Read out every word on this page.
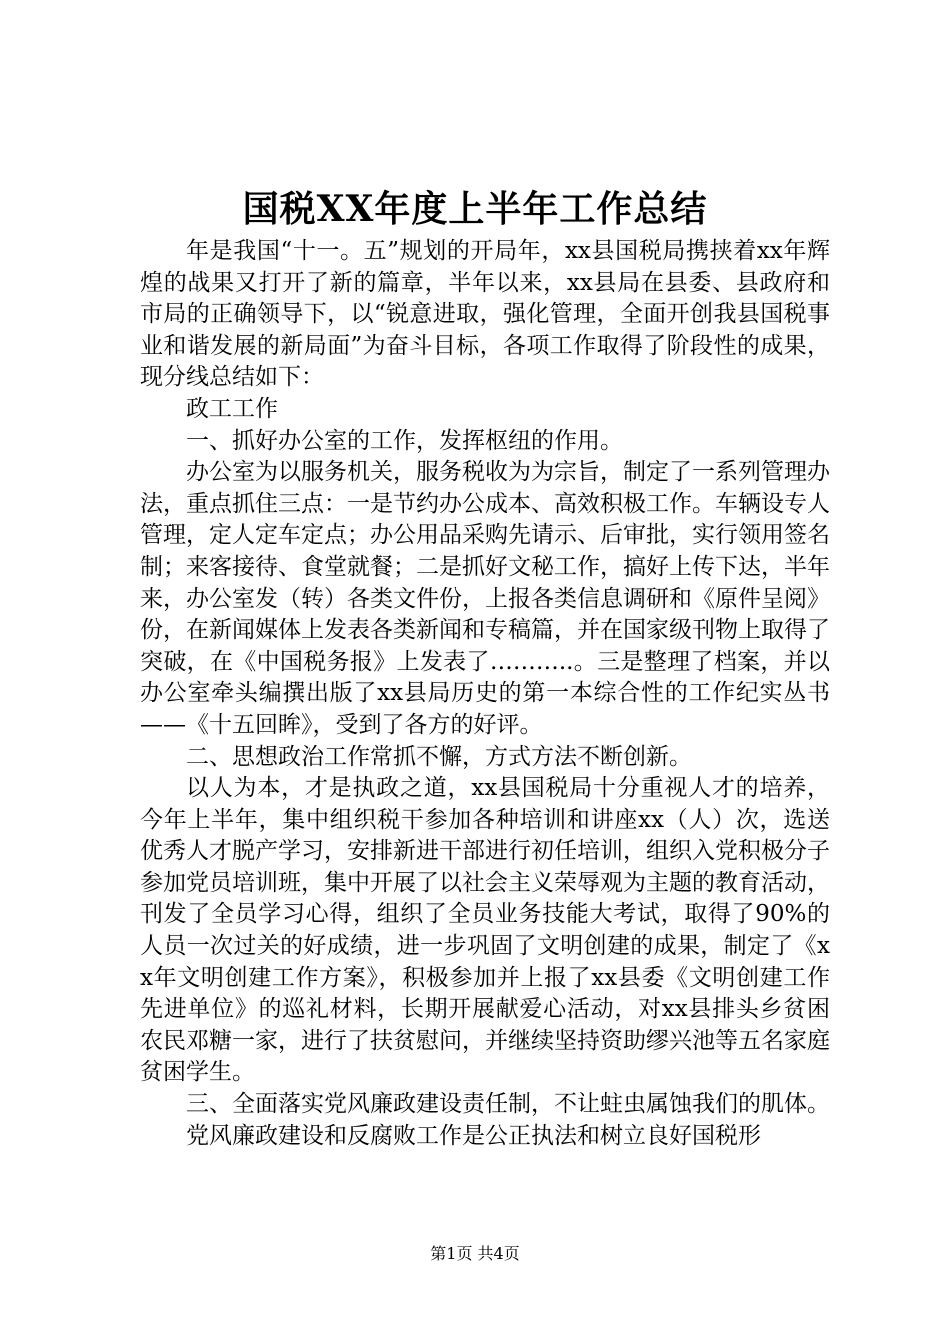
国税XX年度上半年工作总结

年是我国“十一。五”规划的开局年，xx县国税局携挟着xx年辉煌的战果又打开了新的篇章，半年以来，xx县局在县委、县政府和市局的正确领导下，以“锐意进取，强化管理，全面开创我县国税事业和谐发展的新局面”为奋斗目标，各项工作取得了阶段性的成果，现分线总结如下：

政工工作

一、抓好办公室的工作，发挥枢纽的作用。

办公室为以服务机关，服务税收为为宗旨，制定了一系列管理办法，重点抓住三点：一是节约办公成本、高效积极工作。车辆设专人管理，定人定车定点；办公用品采购先请示、后审批，实行领用签名制；来客接待、食堂就餐；二是抓好文秘工作，搞好上传下达，半年来，办公室发（转）各类文件份，上报各类信息调研和《原件呈阅》份，在新闻媒体上发表各类新闻和专稿篇，并在国家级刊物上取得了突破，在《中国税务报》上发表了………..。三是整理了档案，并以办公室牵头编撰出版了xx县局历史的第一本综合性的工作纪实丛书——《十五回眸》，受到了各方的好评。

二、思想政治工作常抓不懈，方式方法不断创新。

以人为本，才是执政之道，xx县国税局十分重视人才的培养，今年上半年，集中组织税干参加各种培训和讲座xx（人）次，选送优秀人才脱产学习，安排新进干部进行初任培训，组织入党积极分子参加党员培训班，集中开展了以社会主义荣辱观为主题的教育活动，刊发了全员学习心得，组织了全员业务技能大考试，取得了90%的人员一次过关的好成绩，进一步巩固了文明创建的成果，制定了《xx年文明创建工作方案》，积极参加并上报了xx县委《文明创建工作先进单位》的巡礼材料，长期开展献爱心活动，对xx县排头乡贫困农民邓糖一家，进行了扶贫慰问，并继续坚持资助缪兴池等五名家庭贫困学生。

三、全面落实党风廉政建设责任制，不让蛀虫属蚀我们的肌体。

党风廉政建设和反腐败工作是公正执法和树立良好国税形

第1页 共4页
